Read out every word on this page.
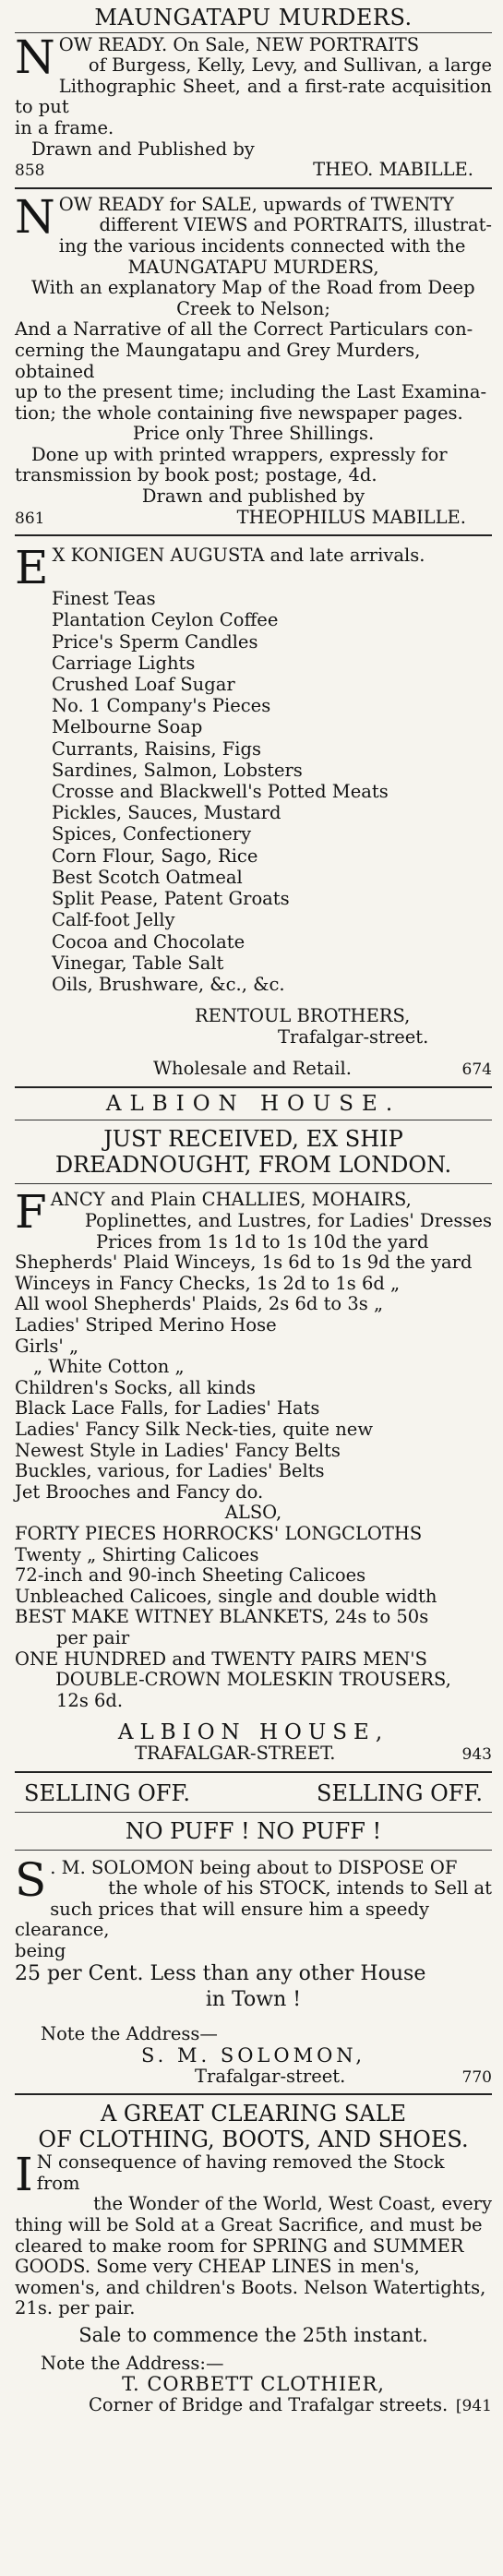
MAUNGATAPU MURDERS.
N OW READY. On Sale, NEW PORTRAITS
of Burgess, Kelly, Levy, and Sullivan, a large
Lithographic Sheet, and a first-rate acquisition to put
in a frame.
Drawn and Published by
858	THEO. MABILLE.
N OW READY for SALE, upwards of TWENTY
different VIEWS and PORTRAITS, illustrat-
ing the various incidents connected with the
MAUNGATAPU MURDERS,
With an explanatory Map of the Road from Deep
Creek to Nelson;
And a Narrative of all the Correct Particulars con-
cerning the Maungatapu and Grey Murders, obtained
up to the present time; including the Last Examina-
tion; the whole containing five newspaper pages.
Price only Three Shillings.
Done up with printed wrappers, expressly for
transmission by book post; postage, 4d.
Drawn and published by
861	THEOPHILUS MABILLE.
E X KONIGEN AUGUSTA and late arrivals.
Finest Teas
Plantation Ceylon Coffee
Price's Sperm Candles
Carriage Lights
Crushed Loaf Sugar
No. 1 Company's Pieces
Melbourne Soap
Currants, Raisins, Figs
Sardines, Salmon, Lobsters
Crosse and Blackwell's Potted Meats
Pickles, Sauces, Mustard
Spices, Confectionery
Corn Flour, Sago, Rice
Best Scotch Oatmeal
Split Pease, Patent Groats
Calf-foot Jelly
Cocoa and Chocolate
Vinegar, Table Salt
Oils, Brushware, &c., &c.
RENTOUL BROTHERS,
Trafalgar-street.
Wholesale and Retail.	674
ALBION HOUSE.
JUST RECEIVED, EX SHIP
DREADNOUGHT, FROM LONDON.
F ANCY and Plain CHALLIES, MOHAIRS,
Poplinettes, and Lustres, for Ladies' Dresses
Prices from 1s 1d to 1s 10d the yard
Shepherds' Plaid Winceys, 1s 6d to 1s 9d the yard
Winceys in Fancy Checks, 1s 2d to 1s 6d „
All wool Shepherds' Plaids, 2s 6d to 3s „
Ladies' Striped Merino Hose
Girls' „
„ White Cotton „
Children's Socks, all kinds
Black Lace Falls, for Ladies' Hats
Ladies' Fancy Silk Neck-ties, quite new
Newest Style in Ladies' Fancy Belts
Buckles, various, for Ladies' Belts
Jet Brooches and Fancy do.
ALSO,
FORTY PIECES HORROCKS' LONGCLOTHS
Twenty „ Shirting Calicoes
72-inch and 90-inch Sheeting Calicoes
Unbleached Calicoes, single and double width
BEST MAKE WITNEY BLANKETS, 24s to 50s
per pair
ONE HUNDRED and TWENTY PAIRS MEN'S
DOUBLE-CROWN MOLESKIN TROUSERS,
12s 6d.
ALBION HOUSE,
TRAFALGAR-STREET.	943
SELLING OFF.	SELLING OFF.
NO PUFF ! NO PUFF !
S . M. SOLOMON being about to DISPOSE OF
the whole of his STOCK, intends to Sell at
such prices that will ensure him a speedy clearance,
being
25 per Cent. Less than any other House
in Town !
Note the Address—
S. M. SOLOMON,
Trafalgar-street.	770
A GREAT CLEARING SALE
OF CLOTHING, BOOTS, AND SHOES.
I N consequence of having removed the Stock from
the Wonder of the World, West Coast, every
thing will be Sold at a Great Sacrifice, and must be
cleared to make room for SPRING and SUMMER
GOODS. Some very CHEAP LINES in men's,
women's, and children's Boots. Nelson Watertights,
21s. per pair.
Sale to commence the 25th instant.
Note the Address:—
T. CORBETT CLOTHIER,
Corner of Bridge and Trafalgar streets. [941
